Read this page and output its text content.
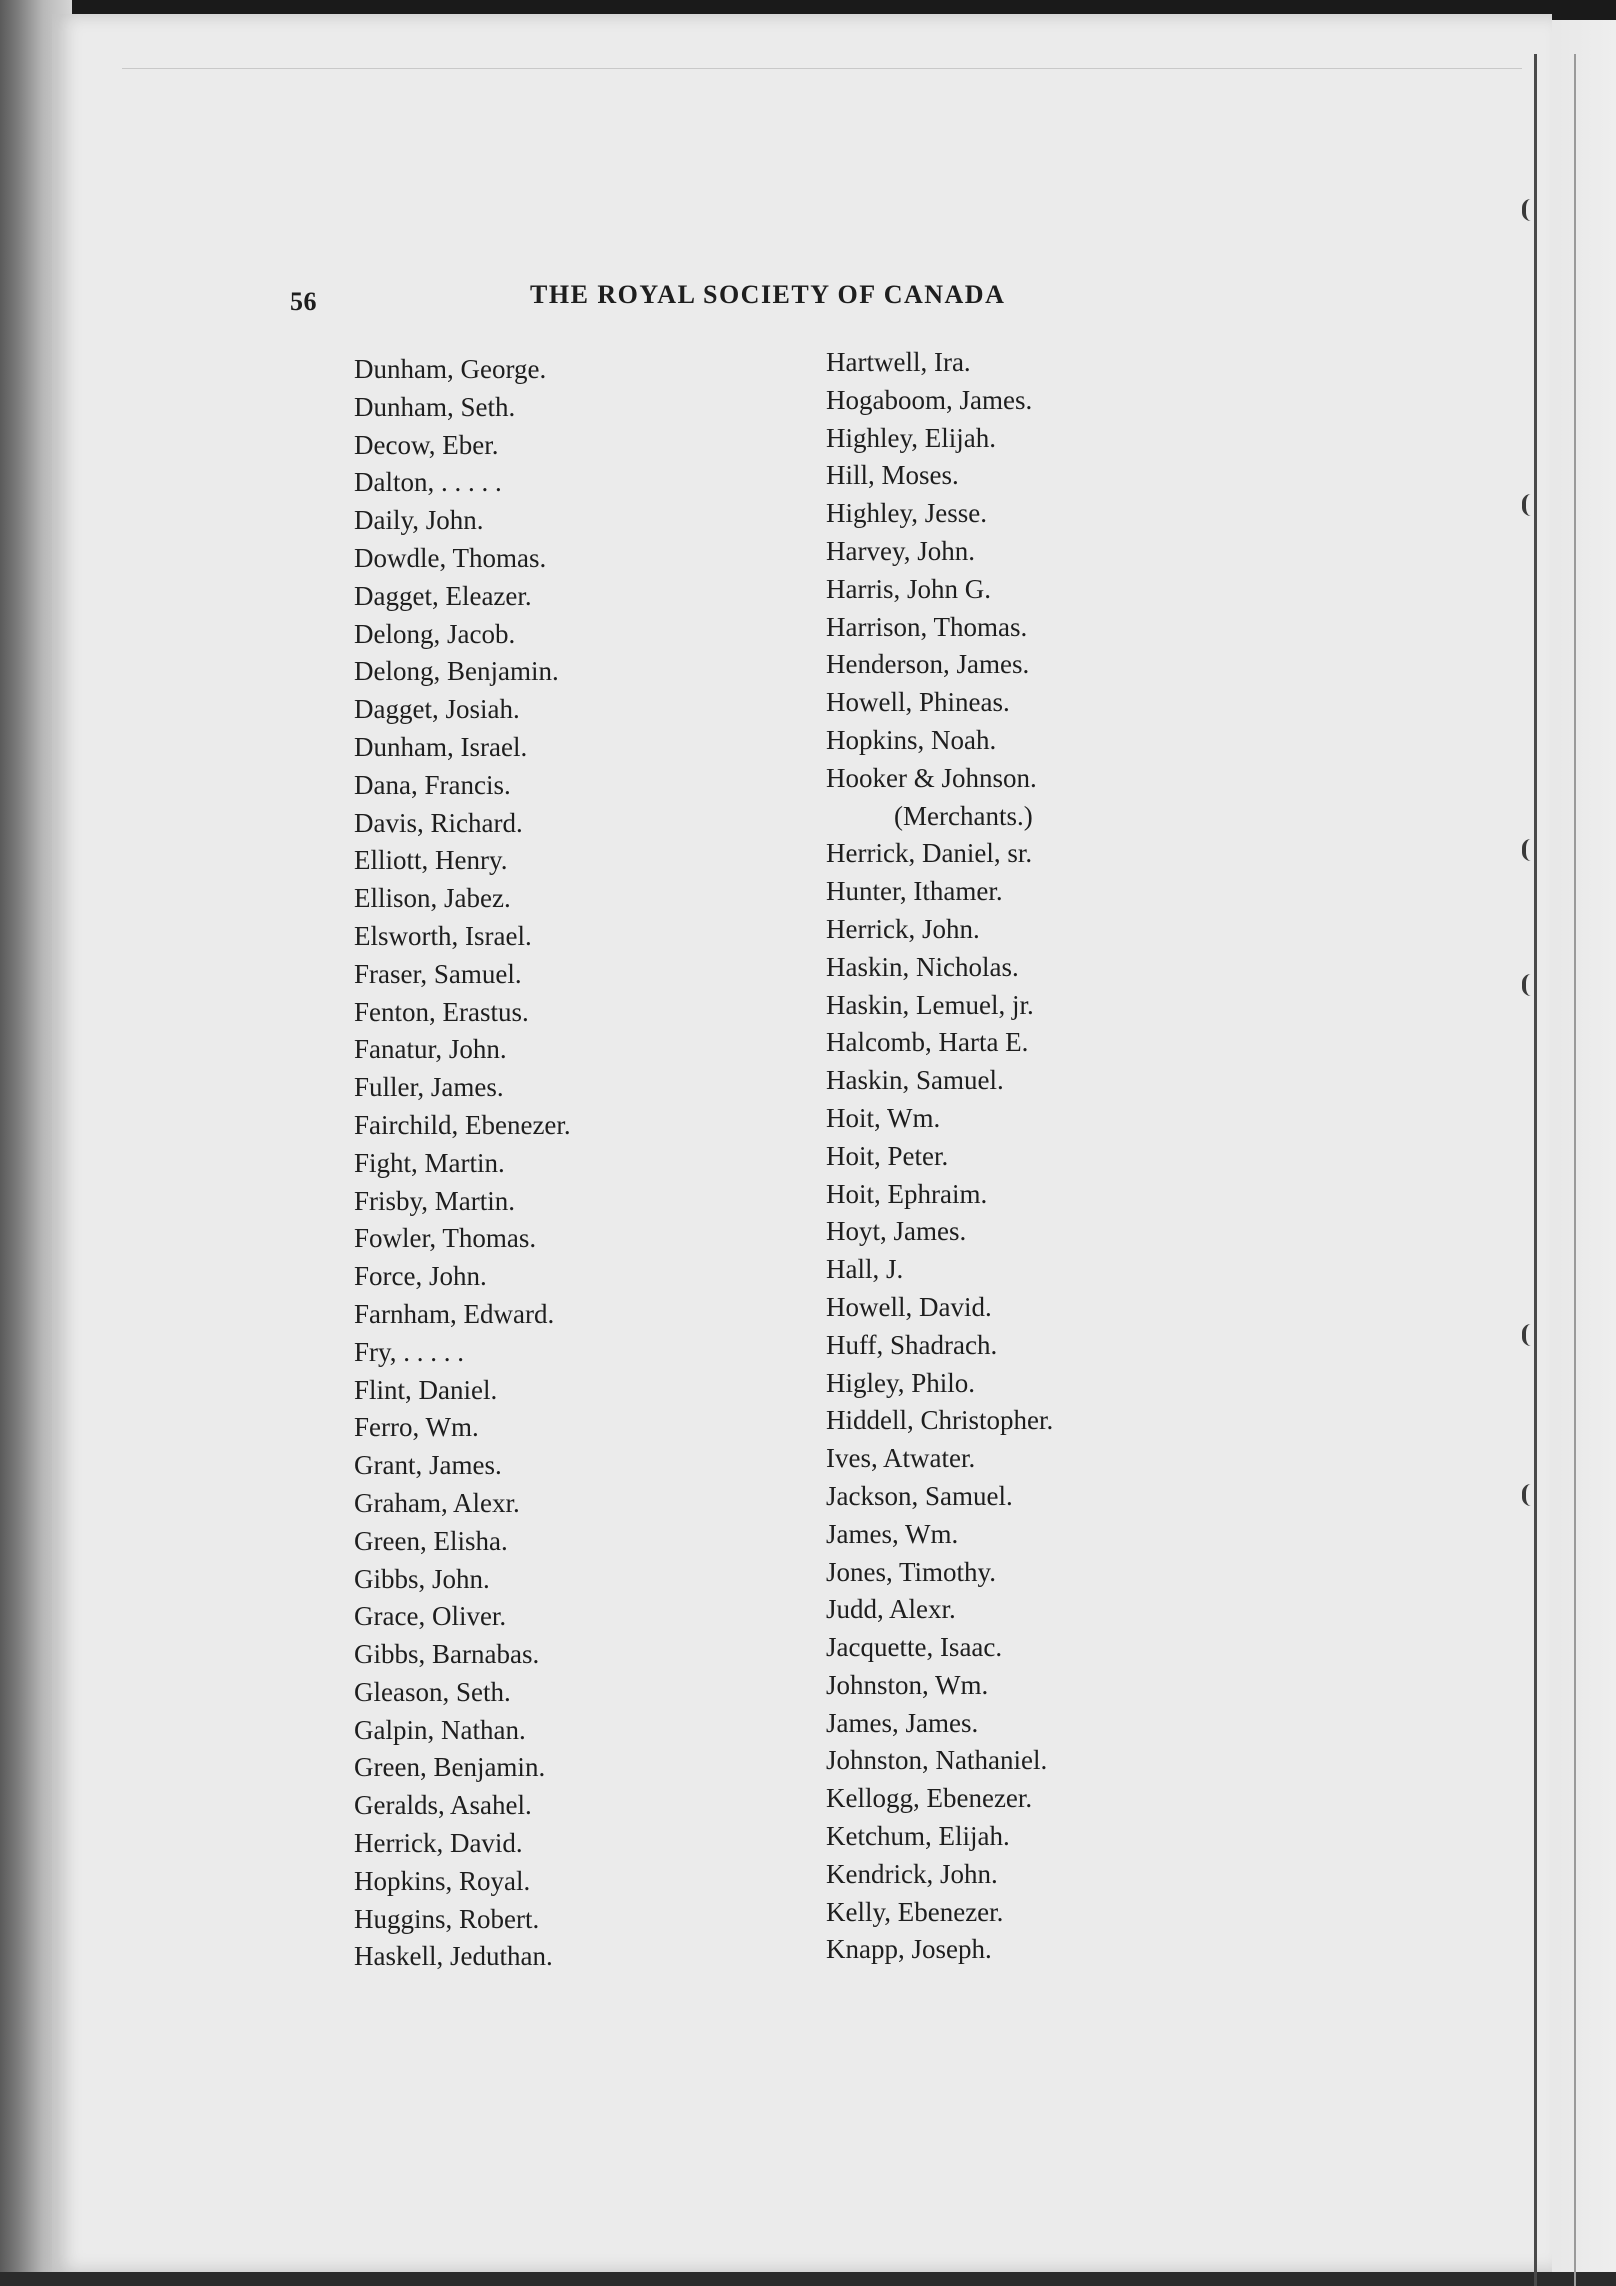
56	THE ROYAL SOCIETY OF CANADA
Dunham, George.
Dunham, Seth.
Decow, Eber.
Dalton, . . . . .
Daily, John.
Dowdle, Thomas.
Dagget, Eleazer.
Delong, Jacob.
Delong, Benjamin.
Dagget, Josiah.
Dunham, Israel.
Dana, Francis.
Davis, Richard.
Elliott, Henry.
Ellison, Jabez.
Elsworth, Israel.
Fraser, Samuel.
Fenton, Erastus.
Fanatur, John.
Fuller, James.
Fairchild, Ebenezer.
Fight, Martin.
Frisby, Martin.
Fowler, Thomas.
Force, John.
Farnham, Edward.
Fry, . . . . .
Flint, Daniel.
Ferro, Wm.
Grant, James.
Graham, Alexr.
Green, Elisha.
Gibbs, John.
Grace, Oliver.
Gibbs, Barnabas.
Gleason, Seth.
Galpin, Nathan.
Green, Benjamin.
Geralds, Asahel.
Herrick, David.
Hopkins, Royal.
Huggins, Robert.
Haskell, Jeduthan.
Hartwell, Ira.
Hogaboom, James.
Highley, Elijah.
Hill, Moses.
Highley, Jesse.
Harvey, John.
Harris, John G.
Harrison, Thomas.
Henderson, James.
Howell, Phineas.
Hopkins, Noah.
Hooker & Johnson.
(Merchants.)
Herrick, Daniel, sr.
Hunter, Ithamer.
Herrick, John.
Haskin, Nicholas.
Haskin, Lemuel, jr.
Halcomb, Harta E.
Haskin, Samuel.
Hoit, Wm.
Hoit, Peter.
Hoit, Ephraim.
Hoyt, James.
Hall, J.
Howell, David.
Huff, Shadrach.
Higley, Philo.
Hiddell, Christopher.
Ives, Atwater.
Jackson, Samuel.
James, Wm.
Jones, Timothy.
Judd, Alexr.
Jacquette, Isaac.
Johnston, Wm.
James, James.
Johnston, Nathaniel.
Kellogg, Ebenezer.
Ketchum, Elijah.
Kendrick, John.
Kelly, Ebenezer.
Knapp, Joseph.
